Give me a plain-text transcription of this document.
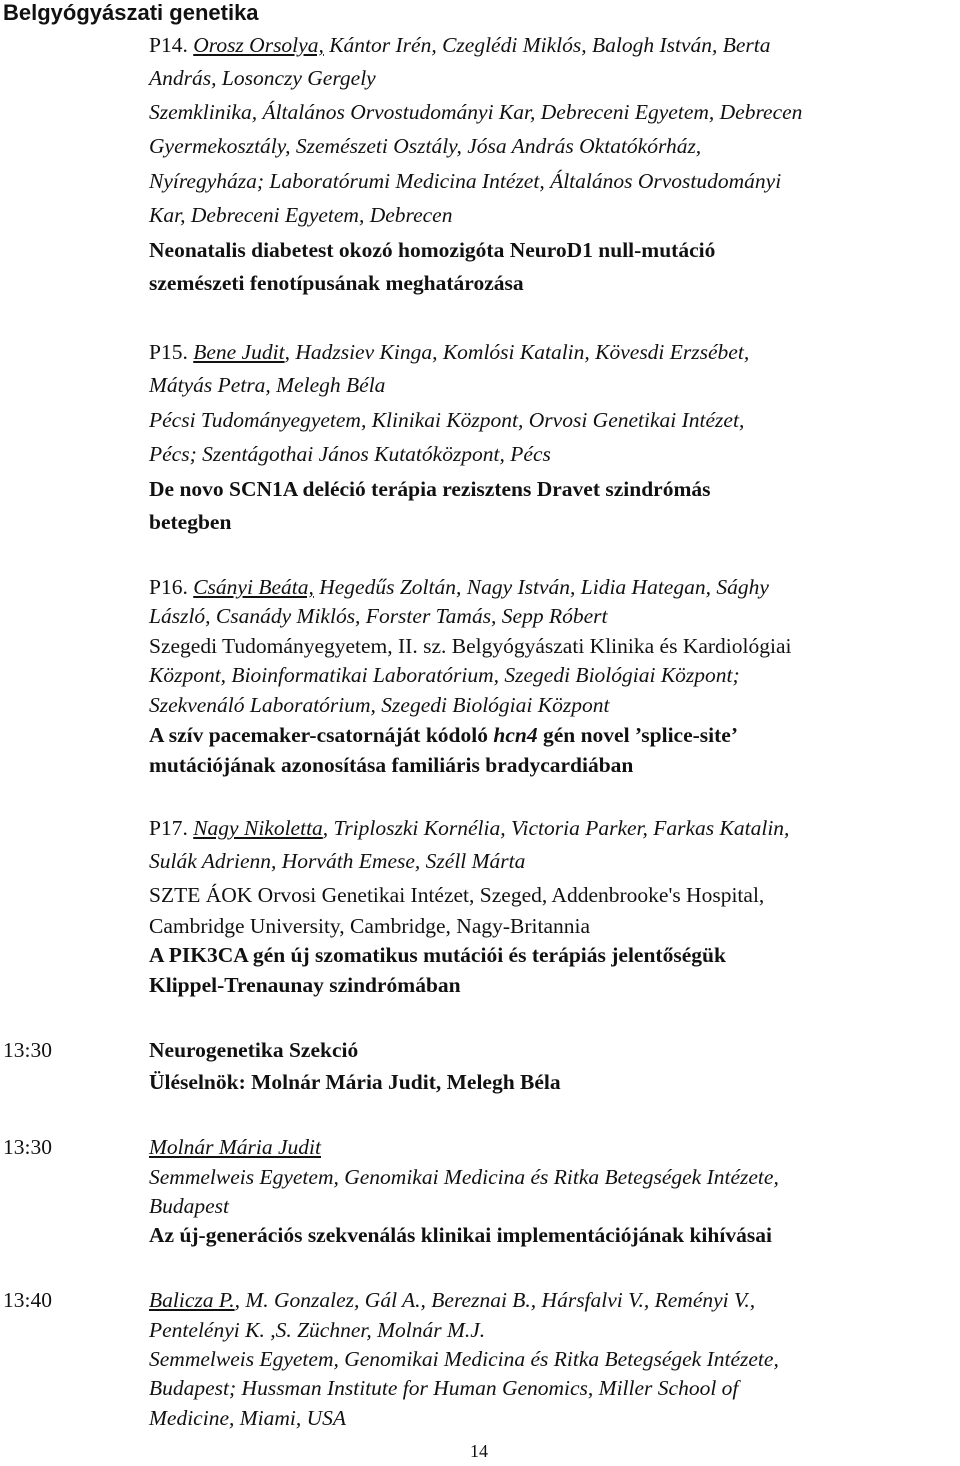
Belgyógyászati genetika
P14. Orosz Orsolya, Kántor Irén, Czeglédi Miklós, Balogh István, Berta
András, Losonczy Gergely
Szemklinika, Általános Orvostudományi Kar, Debreceni Egyetem, Debrecen
Gyermekosztály, Szemészeti Osztály, Jósa András Oktatókórház,
Nyíregyháza; Laboratórumi Medicina Intézet, Általános Orvostudományi
Kar, Debreceni Egyetem, Debrecen
Neonatalis diabetest okozó homozigóta NeuroD1 null-mutáció
szemészeti fenotípusának meghatározása
P15. Bene Judit, Hadzsiev Kinga, Komlósi Katalin, Kövesdi Erzsébet,
Mátyás Petra, Melegh Béla
Pécsi Tudományegyetem, Klinikai Központ, Orvosi Genetikai Intézet,
Pécs; Szentágothai János Kutatóközpont, Pécs
De novo SCN1A deléció terápia rezisztens Dravet szindrómás
betegben
P16. Csányi Beáta, Hegedűs Zoltán, Nagy István, Lidia Hategan, Sághy
László, Csanády Miklós, Forster Tamás, Sepp Róbert
Szegedi Tudományegyetem, II. sz. Belgyógyászati Klinika és Kardiológiai
Központ, Bioinformatikai Laboratórium, Szegedi Biológiai Központ;
Szekvenáló Laboratórium, Szegedi Biológiai Központ
A szív pacemaker-csatornáját kódoló hcn4 gén novel ’splice-site’
mutációjának azonosítása familiáris bradycardiában
P17. Nagy Nikoletta, Triploszki Kornélia, Victoria Parker, Farkas Katalin,
Sulák Adrienn, Horváth Emese, Széll Márta
SZTE ÁOK Orvosi Genetikai Intézet, Szeged, Addenbrooke's Hospital,
Cambridge University, Cambridge, Nagy-Britannia
A PIK3CA gén új szomatikus mutációi és terápiás jelentőségük
Klippel-Trenaunay szindrómában
13:30	Neurogenetika Szekció
Üléselnök: Molnár Mária Judit, Melegh Béla
13:30	Molnár Mária Judit
Semmelweis Egyetem, Genomikai Medicina és Ritka Betegségek Intézete,
Budapest
Az új-generációs szekvenálás klinikai implementációjának kihívásai
13:40	Balicza P., M. Gonzalez, Gál A., Bereznai B., Hársfalvi V., Reményi V.,
Pentelényi K. ,S. Züchner, Molnár M.J.
Semmelweis Egyetem, Genomikai Medicina és Ritka Betegségek Intézete,
Budapest; Hussman Institute for Human Genomics, Miller School of
Medicine, Miami, USA
14
